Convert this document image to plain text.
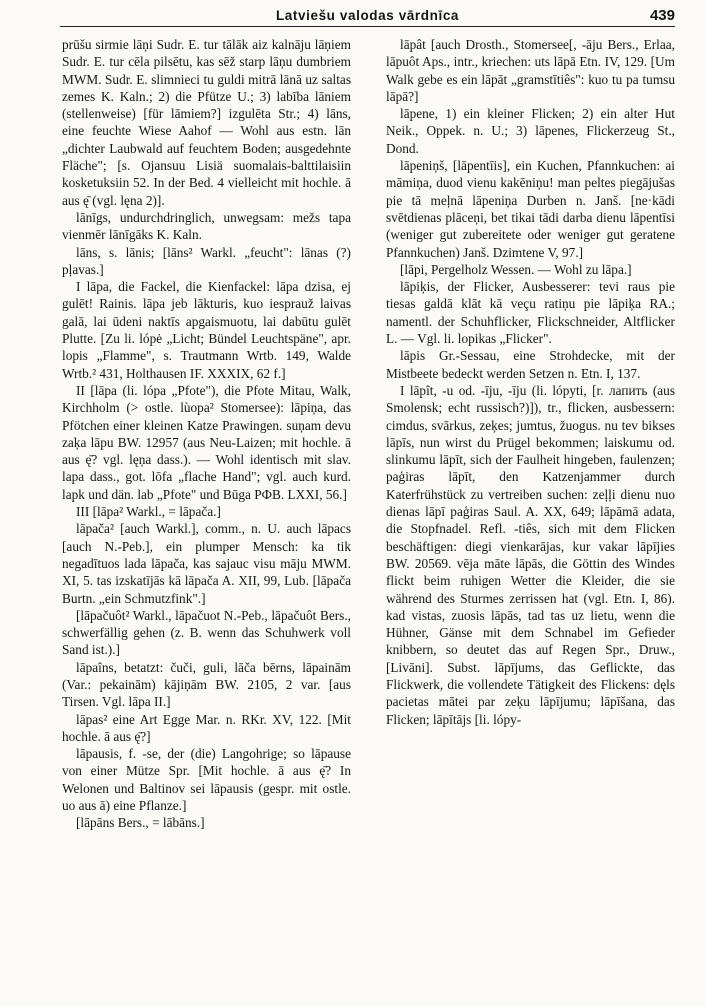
Latviešu valodas vārdnīca	439

prūšu sirmie lāņi Sudr. E. tur tālāk aiz kalnāju lāņiem Sudr. E. tur cēla pilsētu, kas sēž starp lāņu dumbriem MWM. Sudr. E. slimnieci tu guldi mitrā lānā uz saltas zemes K. Kaln.; 2) die Pfütze U.; 3) labība lāniem (stellenweise) [für lāmiem?] izgulēta Str.; 4) lāns, eine feuchte Wiese Aahof — Wohl aus estn. lān „dichter Laubwald auf feuchtem Boden; ausgedehnte Fläche"; [s. Ojansuu Lisiä suomalais-balttilaisiin kosketuksiin 52. In der Bed. 4 vielleicht mit hochle. ā aus ę̄ (vgl. lęna 2)].

lānīgs, undurchdringlich, unwegsam: mežs tapa vienmēr lānīgāks K. Kaln.

lāns, s. lānis; [lāns² Warkl. „feucht": lānas (?) pļavas.]

I lāpa, die Fackel, die Kienfackel: lāpa dzisa, ej gulēt! Rainis. lāpa jeb lākturis, kuo iesprauž laivas galā, lai ūdeni naktīs apgaismuotu, lai dabūtu gulēt Plutte. [Zu li. lópė „Licht; Bündel Leuchtspäne", apr. lopis „Flamme", s. Trautmann Wrtb. 149, Walde Wrtb.² 431, Holthausen IF. XXXIX, 62 f.]

II [lāpa (li. lópa „Pfote"), die Pfote Mitau, Walk, Kirchholm (> ostle. lùopa² Stomersee): lāpiņa, das Pfötchen einer kleinen Katze Prawingen. suņam devu zaķa lāpu BW. 12957 (aus Neu-Laizen; mit hochle. ā aus ę̄? vgl. lęņa dass.). — Wohl identisch mit slav. lapa dass., got. lōfa „flache Hand"; vgl. auch kurd. lapk und dän. lab „Pfote" und Būga РФВ. LXXI, 56.]

III [lāpa² Warkl., = lāpača.]

lāpača² [auch Warkl.], comm., n. U. auch lāpacs [auch N.-Peb.], ein plumper Mensch: ka tik negadītuos lada lāpača, kas sajauc visu māju MWM. XI, 5. tas izskatījās kā lāpača A. XII, 99, Lub. [lāpača Burtn. „ein Schmutzfink".]

[lāpačuôt² Warkl., lāpačuot N.-Peb., lāpačuôt Bers., schwerfällig gehen (z. B. wenn das Schuhwerk voll Sand ist.).]

lāpaîns, betatzt: čuči, guli, lāča bērns, lāpainām (Var.: pekainām) kājiņām BW. 2105, 2 var. [aus Tirsen. Vgl. lāpa II.]

lāpas² eine Art Egge Mar. n. RKr. XV, 122. [Mit hochle. ā aus ę̄?]

lāpausis, f. -se, der (die) Langohrige; so lāpause von einer Mütze Spr. [Mit hochle. ā aus ę̄? In Welonen und Baltinov sei lāpausis (gespr. mit ostle. uo aus ā) eine Pflanze.]

[lāpāns Bers., = lābāns.]

lāpât [auch Drosth., Stomersee[, -āju Bers., Erlaa, lāpuôt Aps., intr., kriechen: uts lāpā Etn. IV, 129. [Um Walk gebe es ein lāpāt „gramstītiês": kuo tu pa tumsu lāpā?]

lāpene, 1) ein kleiner Flicken; 2) ein alter Hut Neik., Oppek. n. U.; 3) lāpenes, Flickerzeug St., Dond.

lāpeniņš, [lāpentīis], ein Kuchen, Pfannkuchen: ai māmiņa, duod vienu kakēniņu! man peltes piegājušas pie tā meļnā lāpeniņa Durben n. Janš. [ne·kādi svētdienas plāceņi, bet tikai tādi darba dienu lāpentīsi (weniger gut zubereitete oder weniger gut geratene Pfannkuchen) Janš. Dzimtene V, 97.]

[lāpi, Pergelholz Wessen. — Wohl zu lāpa.]

lāpiķis, der Flicker, Ausbesserer: tevi raus pie tiesas galdā klāt kā veçu ratiņu pie lāpiķa RA.; namentl. der Schuhflicker, Flickschneider, Altflicker L. — Vgl. li. lopikas „Flicker".

lāpis Gr.-Sessau, eine Strohdecke, mit der Mistbeete bedeckt werden Setzen n. Etn. I, 137.

I lāpît, -u od. -īju, -īju (li. lópyti, [r. лапить (aus Smolensk; echt russisch?)]), tr., flicken, ausbessern: cimdus, svārkus, zeķes; jumtus, žuogus. nu tev bikses lāpīs, nun wirst du Prügel bekommen; laiskumu od. slinkumu lāpīt, sich der Faulheit hingeben, faulenzen; paģiras lāpīt, den Katzenjammer durch Katerfrühstück zu vertreiben suchen: zeļļi dienu nuo dienas lāpī paģiras Saul. A. XX, 649; lāpāmā adata, die Stopfnadel. Refl. -tiês, sich mit dem Flicken beschäftigen: diegi vienkarājas, kur vakar lāpījies BW. 20569. vēja māte lāpās, die Göttin des Windes flickt beim ruhigen Wetter die Kleider, die sie während des Sturmes zerrissen hat (vgl. Etn. I, 86). kad vistas, zuosis lāpās, tad tas uz lietu, wenn die Hühner, Gänse mit dem Schnabel im Gefieder knibbern, so deutet das auf Regen Spr., Druw., [Livāni]. Subst. lāpījums, das Geflickte, das Flickwerk, die vollendete Tätigkeit des Flickens: dęls pacietas mātei par zeķu lāpījumu; lāpīšana, das Flicken; lāpītājs [li. lópy-
